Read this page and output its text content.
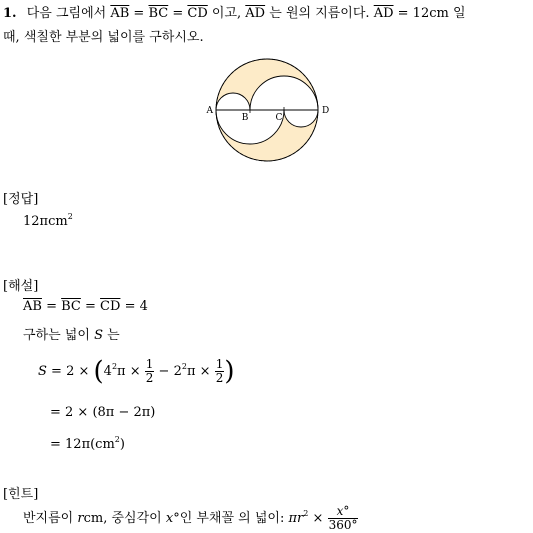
1. 다음 그림에서 $\overline{AB} = \overline{BC} = \overline{CD}$ 이고, $\overline{AD}$ 는 원의 지름이다. $\overline{AD} = 12cm$ 일
때, 색칠한 부분의 넓이를 구하시오.
A
B	C
D
[정답]
12πcm$^2$
[해설]
$\overline{AB} = \overline{BC} = \overline{CD} = 4$
구하는 넓이 S 는
$S = 2 \times (4^2\pi \times \frac{1}{2} - 2^2\pi \times \frac{1}{2}$ )
= 2 × (8π − 2π)
= $12\pi(cm^2)$
[힌트]
반지름이 rcm, 중심각이 x°인 부채꼴 의 넓이: $\pi r^2 \times \frac{x^\circ}{360^\circ}$
